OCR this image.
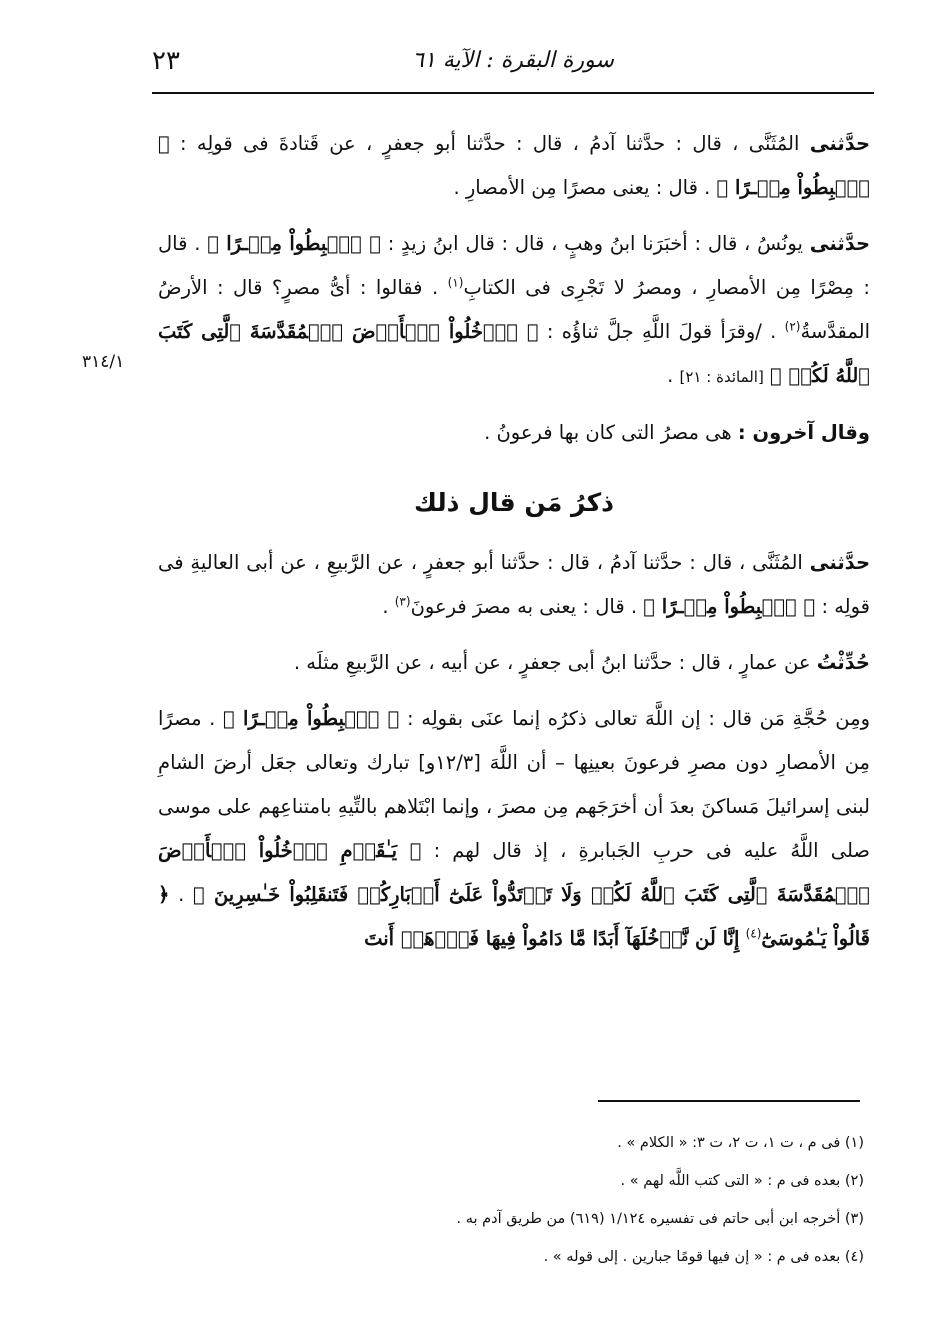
٢٣	سورة البقرة : الآية ٦١
٣١٤/١

حدَّثنى المُثَنَّى ، قال : حدَّثنا آدمُ ، قال : حدَّثنا أبو جعفرٍ ، عن قَتادةَ فى قولِه : ﴿ ٱهۡبِطُواْ مِصۡـرًا ﴾ . قال : يعنى مصرًا مِن الأمصارِ .

حدَّثنى يونُسُ ، قال : أخبَرَنا ابنُ وهبٍ ، قال : قال ابنُ زيدٍ : ﴿ ٱهۡبِطُواْ مِصۡـرًا ﴾ . قال : مِصْرًا مِن الأمصارِ ، ومصرُ لا تَجْرِى فى الكتابِ$^{(١)}$ . فقالوا : أىُّ مصرٍ؟ قال : الأرضُ المقدَّسةُ$^{(٢)}$ . /وقرَأ قولَ اللَّهِ جلَّ ثناؤُه : ﴿ ٱدۡخُلُواْ ٱلۡأَرۡضَ ٱلۡمُقَدَّسَةَ ٱلَّتِى كَتَبَ ٱللَّهُ لَكُمۡ ﴾ [المائدة : ٢١] .

وقال آخرون : هى مصرُ التى كان بها فرعونُ .

ذكرُ مَن قال ذلك

حدَّثنى المُثَنَّى ، قال : حدَّثنا آدمُ ، قال : حدَّثنا أبو جعفرٍ ، عن الرَّبيعِ ، عن أبى العاليةِ فى قولِه : ﴿ ٱهۡبِطُواْ مِصۡـرًا ﴾ . قال : يعنى به مصرَ فرعونَ$^{(٣)}$ .

حُدِّثْتُ عن عمارٍ ، قال : حدَّثنا ابنُ أبى جعفرٍ ، عن أبيه ، عن الرَّبيعِ مثلَه .

ومِن حُجَّةِ مَن قال : إن اللَّهَ تعالى ذكرُه إنما عنَى بقولِه : ﴿ ٱهۡبِطُواْ مِصۡـرًا ﴾ . مصرًا مِن الأمصارِ دون مصرِ فرعونَ بعينِها – أن اللَّهَ [١٢/٣و] تبارك وتعالى جعَل أرضَ الشامِ لبنى إسرائيلَ مَساكنَ بعدَ أن أخرَجَهم مِن مصرَ ، وإنما ابْتَلاهم بالتِّيهِ بامتناعِهم على موسى صلى اللَّهُ عليه فى حربِ الجَبابرةِ ، إذ قال لهم : ﴿ يَـٰقَوۡمِ ٱدۡخُلُواْ ٱلۡأَرۡضَ ٱلۡمُقَدَّسَةَ ٱلَّتِى كَتَبَ ٱللَّهُ لَكُمۡ وَلَا تَرۡتَدُّواْ عَلَىٰٓ أَدۡبَارِكُمۡ فَتَنقَلِبُواْ خَـٰسِرِينَ ﴾ . ﴿ قَالُواْ يَـٰمُوسَىٰٓ$^{(٤)}$ إِنَّا لَن نَّدۡخُلَهَآ أَبَدًا مَّا دَامُواْ فِيهَا فَٱذۡهَبۡ أَنتَ

(١) فى م ، ت ١، ت ٢، ت ٣: « الكلام » .

(٢) بعده فى م : « التى كتب اللَّه لهم » .

(٣) أخرجه ابن أبى حاتم فى تفسيره ١/١٢٤ (٦١٩) من طريق آدم به .

(٤) بعده فى م : « إن فيها قومًا جبارين . إلى قوله » .
